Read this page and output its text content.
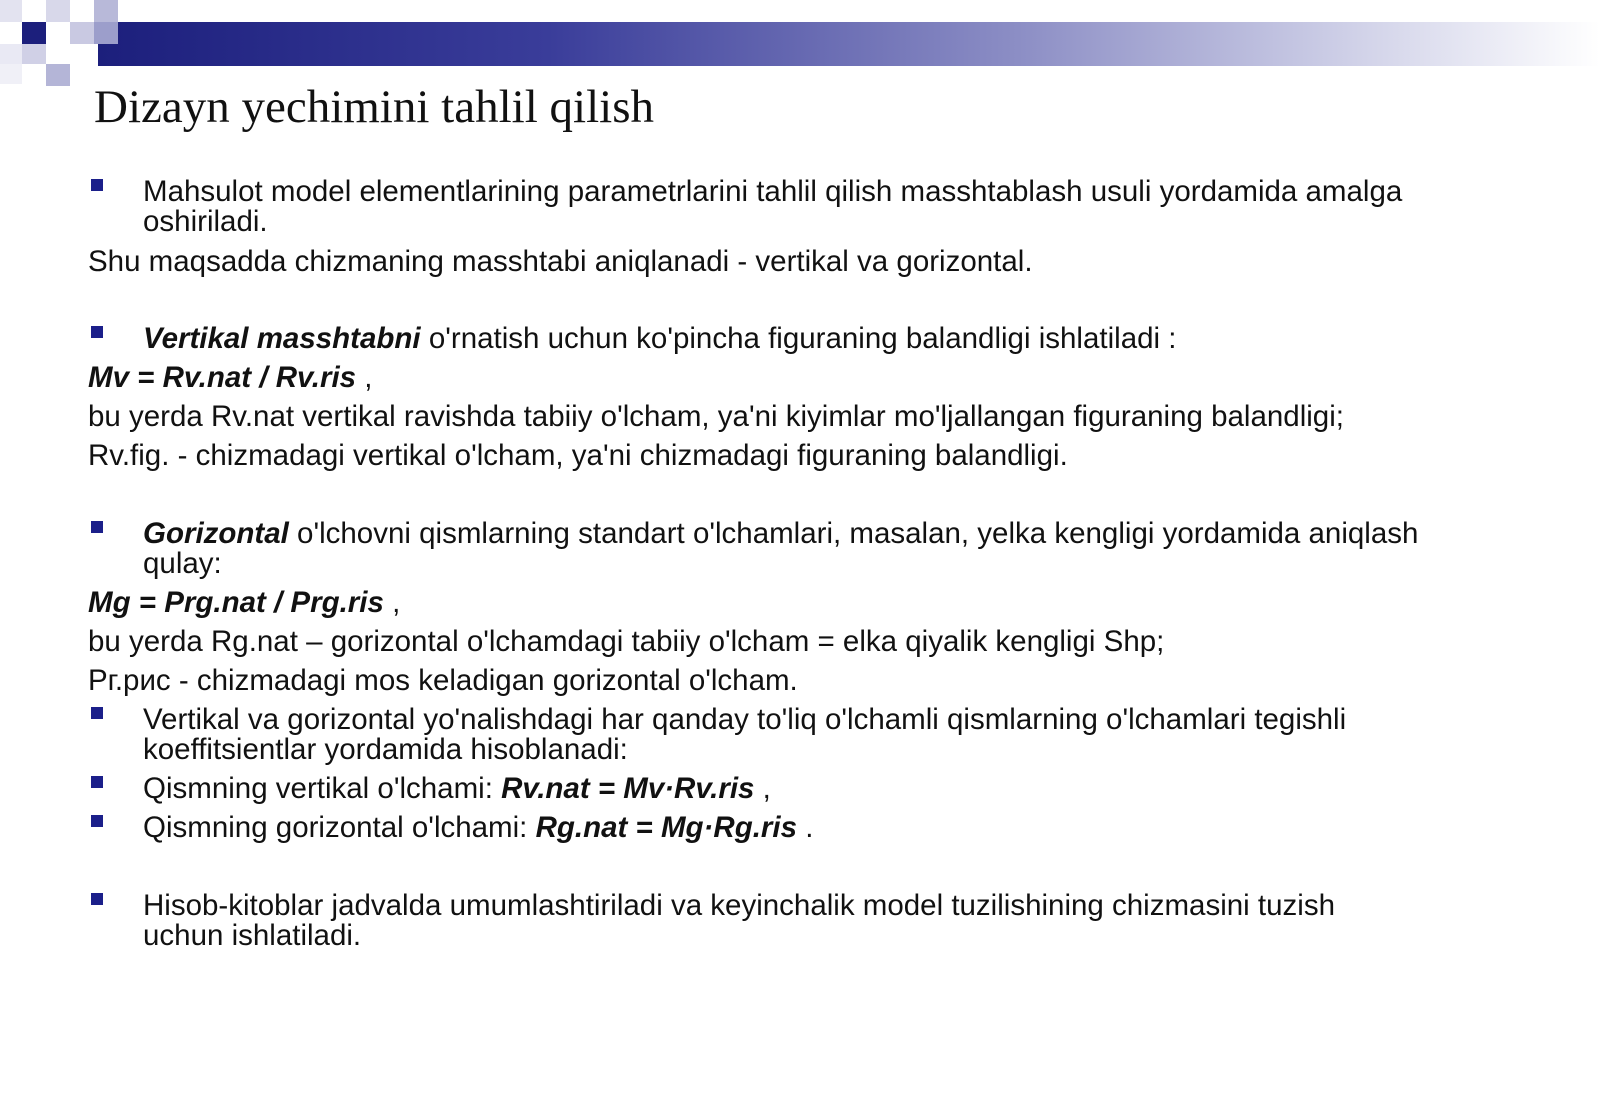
Dizayn yechimini tahlil qilish
Mahsulot model elementlarining parametrlarini tahlil qilish masshtablash usuli yordamida amalga
oshiriladi.
Shu maqsadda chizmaning masshtabi aniqlanadi - vertikal va gorizontal.
Vertikal masshtabni o'rnatish uchun ko'pincha figuraning balandligi ishlatiladi :
Mv = Rv.nat / Rv.ris ,
bu yerda Rv.nat vertikal ravishda tabiiy o'lcham, ya'ni kiyimlar mo'ljallangan figuraning balandligi;
Rv.fig. - chizmadagi vertikal o'lcham, ya'ni chizmadagi figuraning balandligi.
Gorizontal o'lchovni qismlarning standart o'lchamlari, masalan, yelka kengligi yordamida aniqlash
qulay:
Mg = Prg.nat / Prg.ris ,
bu yerda Rg.nat – gorizontal o'lchamdagi tabiiy o'lcham = elka qiyalik kengligi Shp;
Pг.рис - chizmadagi mos keladigan gorizontal o'lcham.
Vertikal va gorizontal yo'nalishdagi har qanday to'liq o'lchamli qismlarning o'lchamlari tegishli
koeffitsientlar yordamida hisoblanadi:
Qismning vertikal o'lchami: Rv.nat = Mv·Rv.ris ,
Qismning gorizontal o'lchami: Rg.nat = Mg·Rg.ris .
Hisob-kitoblar jadvalda umumlashtiriladi va keyinchalik model tuzilishining chizmasini tuzish
uchun ishlatiladi.
